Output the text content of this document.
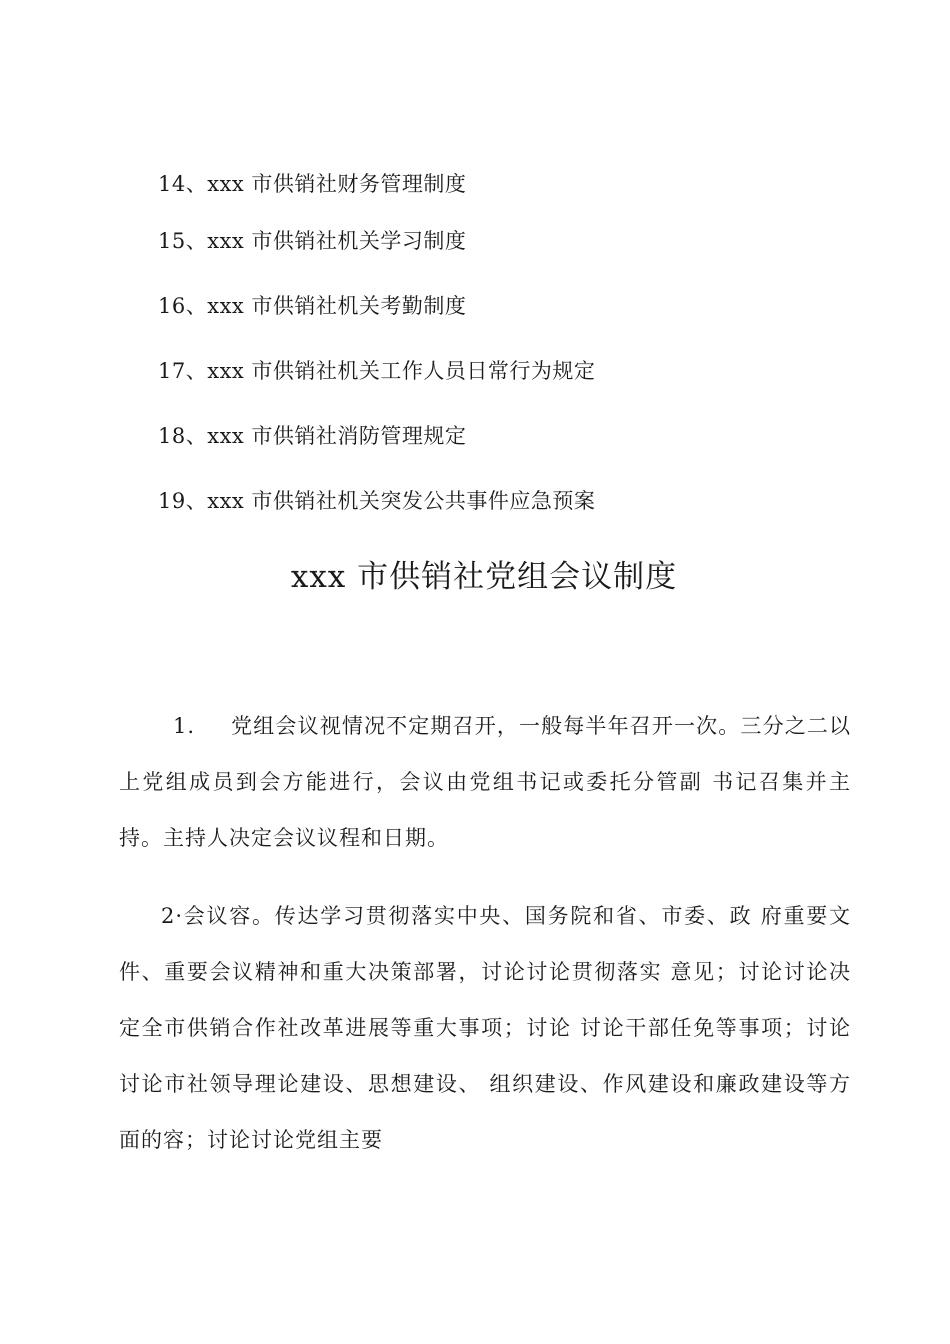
14、xxx 市供销社财务管理制度
15、xxx 市供销社机关学习制度
16、xxx 市供销社机关考勤制度
17、xxx 市供销社机关工作人员日常行为规定
18、xxx 市供销社消防管理规定
19、xxx 市供销社机关突发公共事件应急预案
xxx 市供销社党组会议制度

1. 党组会议视情况不定期召开，一般每半年召开一次。三分之二以上党组成员到会方能进行，会议由党组书记或委托分管副 书记召集并主持。主持人决定会议议程和日期。

2·会议容。传达学习贯彻落实中央、国务院和省、市委、政 府重要文件、重要会议精神和重大决策部署，讨论讨论贯彻落实 意见；讨论讨论决定全市供销合作社改革进展等重大事项；讨论 讨论干部任免等事项；讨论讨论市社领导理论建设、思想建设、 组织建设、作风建设和廉政建设等方面的容；讨论讨论党组主要
